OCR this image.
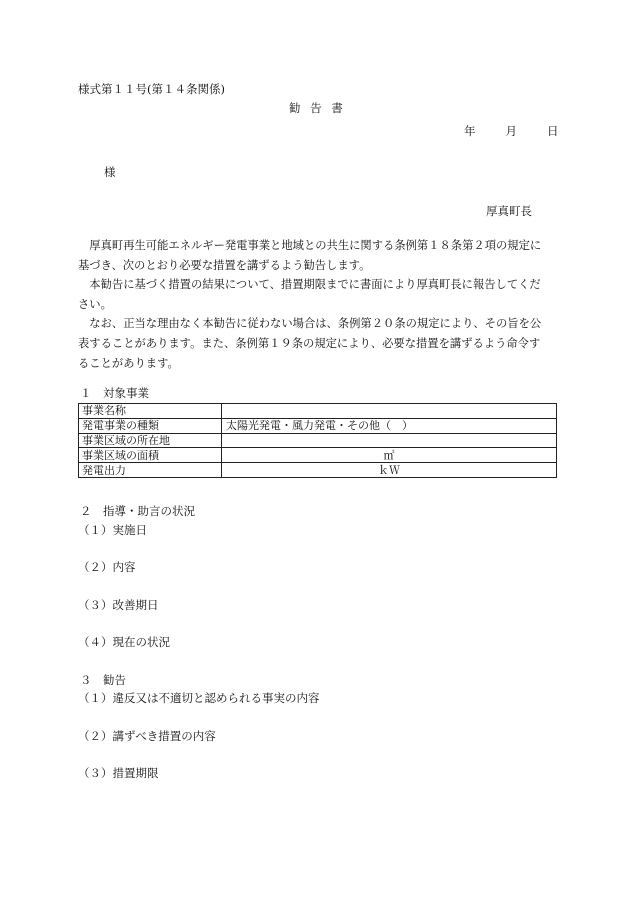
様式第１１号(第１４条関係)
勧 告 書
年	月	日
様
厚真町長

厚真町再生可能エネルギー発電事業と地域との共生に関する条例第１８条第２項の規定に基づき、次のとおり必要な措置を講ずるよう勧告します。

本勧告に基づく措置の結果について、措置期限までに書面により厚真町長に報告してください。

なお、正当な理由なく本勧告に従わない場合は、条例第２０条の規定により、その旨を公表することがあります。また、条例第１９条の規定により、必要な措置を講ずるよう命令することがあります。

１　対象事業
事業名称	
発電事業の種類	太陽光発電・風力発電・その他（　）
事業区域の所在地	
事業区域の面積	㎡
発電出力	ｋＷ
２　指導・助言の状況
（１）実施日
（２）内容
（３）改善期日
（４）現在の状況
３　勧告
（１）違反又は不適切と認められる事実の内容
（２）講ずべき措置の内容
（３）措置期限
